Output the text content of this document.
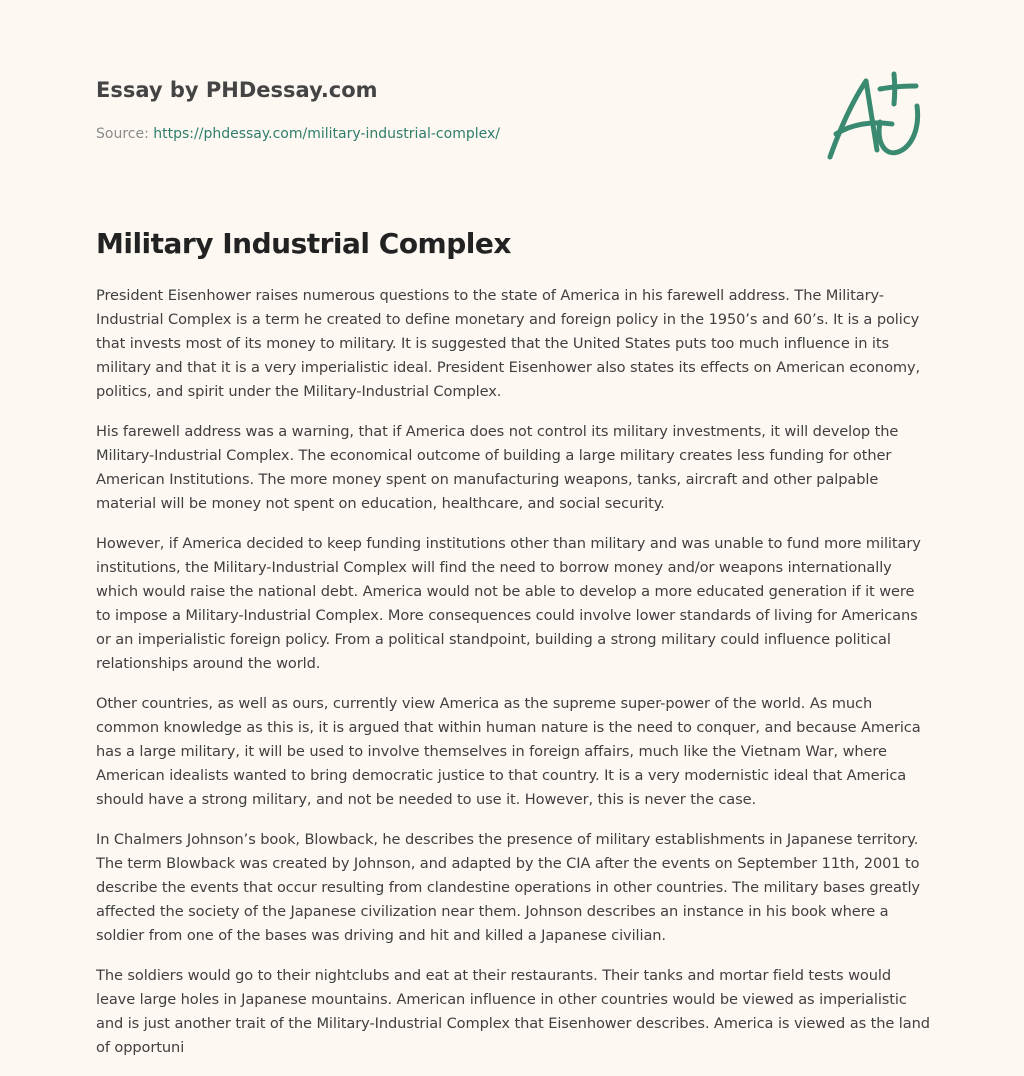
Essay by PHDessay.com
Source: https://phdessay.com/military-industrial-complex/
Military Industrial Complex

President Eisenhower raises numerous questions to the state of America in his farewell address. The Military-Industrial Complex is a term he created to define monetary and foreign policy in the 1950’s and 60’s. It is a policy that invests most of its money to military. It is suggested that the United States puts too much influence in its military and that it is a very imperialistic ideal. President Eisenhower also states its effects on American economy, politics, and spirit under the Military-Industrial Complex.

His farewell address was a warning, that if America does not control its military investments, it will develop the Military-Industrial Complex. The economical outcome of building a large military creates less funding for other American Institutions. The more money spent on manufacturing weapons, tanks, aircraft and other palpable material will be money not spent on education, healthcare, and social security.

However, if America decided to keep funding institutions other than military and was unable to fund more military institutions, the Military-Industrial Complex will find the need to borrow money and/or weapons internationally which would raise the national debt. America would not be able to develop a more educated generation if it were to impose a Military-Industrial Complex. More consequences could involve lower standards of living for Americans or an imperialistic foreign policy. From a political standpoint, building a strong military could influence political relationships around the world.

Other countries, as well as ours, currently view America as the supreme super-power of the world. As much common knowledge as this is, it is argued that within human nature is the need to conquer, and because America has a large military, it will be used to involve themselves in foreign affairs, much like the Vietnam War, where American idealists wanted to bring democratic justice to that country. It is a very modernistic ideal that America should have a strong military, and not be needed to use it. However, this is never the case.

In Chalmers Johnson’s book, Blowback, he describes the presence of military establishments in Japanese territory. The term Blowback was created by Johnson, and adapted by the CIA after the events on September 11th, 2001 to describe the events that occur resulting from clandestine operations in other countries. The military bases greatly affected the society of the Japanese civilization near them. Johnson describes an instance in his book where a soldier from one of the bases was driving and hit and killed a Japanese civilian.

The soldiers would go to their nightclubs and eat at their restaurants. Their tanks and mortar field tests would leave large holes in Japanese mountains. American influence in other countries would be viewed as imperialistic and is just another trait of the Military-Industrial Complex that Eisenhower describes. America is viewed as the land of opportuni
